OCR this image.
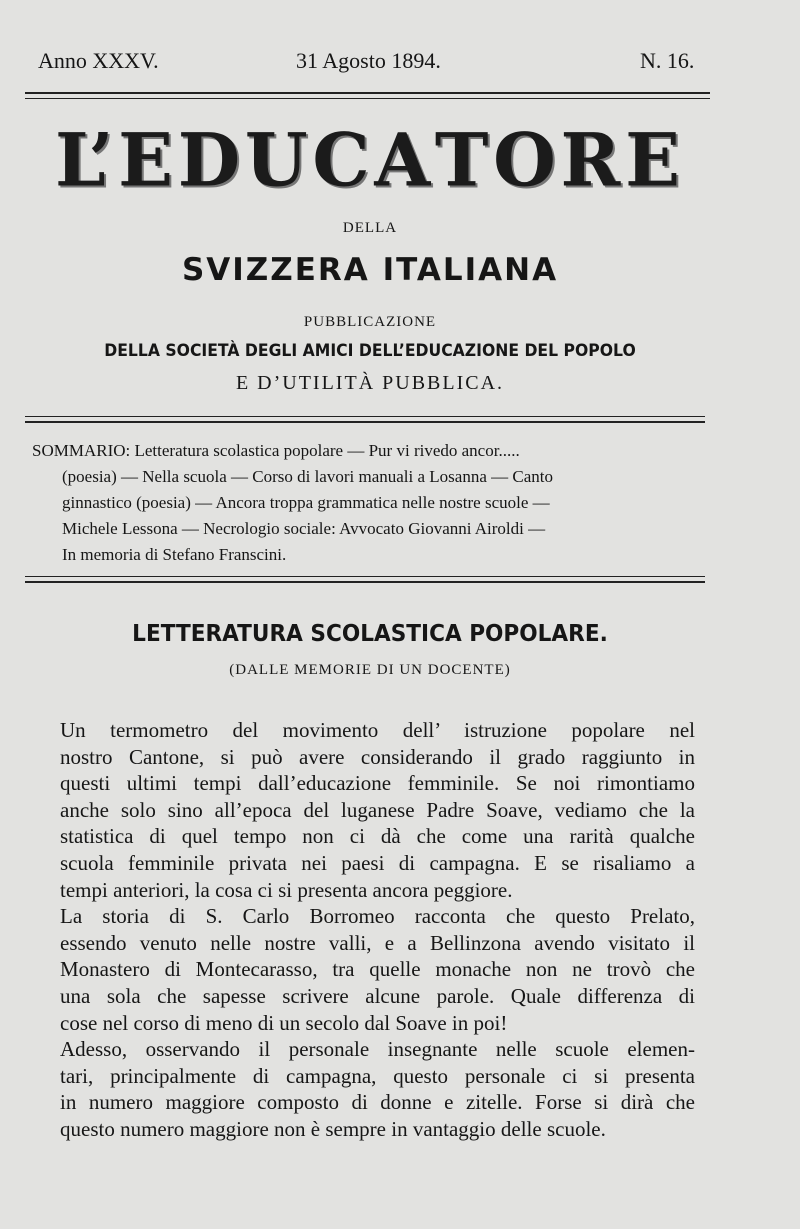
Anno XXXV.	31 Agosto 1894.	N. 16.

L’ E D U C A T O R E

DELLA

SVIZZERA ITALIANA

PUBBLICAZIONE

DELLA SOCIETÀ DEGLI AMICI DELL’EDUCAZIONE DEL POPOLO

E D’UTILITÀ PUBBLICA.

SOMMARIO: Letteratura scolastica popolare — Pur vi rivedo ancor.....
(poesia) — Nella scuola — Corso di lavori manuali a Losanna — Canto
ginnastico (poesia) — Ancora troppa grammatica nelle nostre scuole —
Michele Lessona — Necrologio sociale: Avvocato Giovanni Airoldi —
In memoria di Stefano Franscini.

LETTERATURA SCOLASTICA POPOLARE.

(DALLE MEMORIE DI UN DOCENTE)

Un termometro del movimento dell’ istruzione popolare nel
nostro Cantone, si può avere considerando il grado raggiunto in
questi ultimi tempi dall’educazione femminile. Se noi rimontiamo
anche solo sino all’epoca del luganese Padre Soave, vediamo che la
statistica di quel tempo non ci dà che come una rarità qualche
scuola femminile privata nei paesi di campagna. E se risaliamo a
tempi anteriori, la cosa ci si presenta ancora peggiore.
La storia di S. Carlo Borromeo racconta che questo Prelato,
essendo venuto nelle nostre valli, e a Bellinzona avendo visitato il
Monastero di Montecarasso, tra quelle monache non ne trovò che
una sola che sapesse scrivere alcune parole. Quale differenza di
cose nel corso di meno di un secolo dal Soave in poi!
Adesso, osservando il personale insegnante nelle scuole elemen-
tari, principalmente di campagna, questo personale ci si presenta
in numero maggiore composto di donne e zitelle. Forse si dirà che
questo numero maggiore non è sempre in vantaggio delle scuole.
